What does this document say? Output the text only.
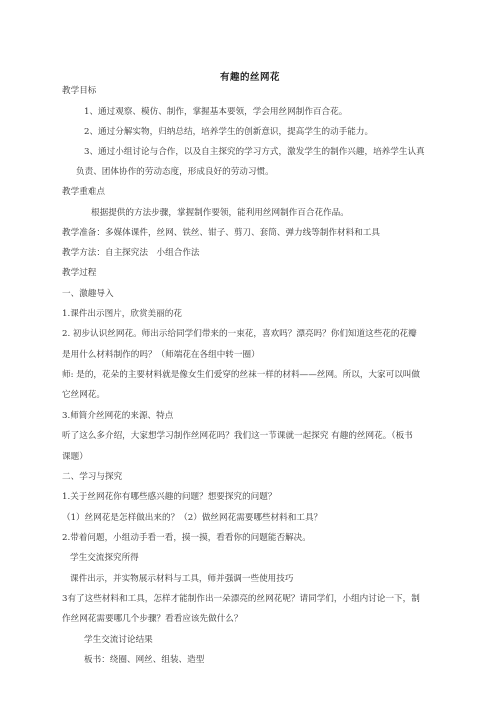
有趣的丝网花
教学目标
1、通过观察、模仿、制作，掌握基本要领，学会用丝网制作百合花。
2、通过分解实物，归纳总结，培养学生的创新意识，提高学生的动手能力。
3、通过小组讨论与合作，以及自主探究的学习方式，激发学生的制作兴趣，培养学生认真
负责、团体协作的劳动态度，形成良好的劳动习惯。
教学重难点
根据提供的方法步骤，掌握制作要领，能利用丝网制作百合花作品。
教学准备：多媒体课件，丝网、铁丝、钳子、剪刀、套筒、弹力线等制作材料和工具
教学方法：自主探究法　小组合作法
教学过程
一、激趣导入
1.课件出示图片，欣赏美丽的花
2. 初步认识丝网花。师出示给同学们带来的一束花，喜欢吗？漂亮吗？你们知道这些花的花瓣
是用什么材料制作的吗？（师端花在各组中转一圈）
师: 是的，花朵的主要材料就是像女生们爱穿的丝袜一样的材料——丝网。所以，大家可以叫做
它丝网花。
3.师简介丝网花的来源、特点
听了这么多介绍，大家想学习制作丝网花吗？我们这一节课就一起探究 有趣的丝网花。（板书
课题）
二、学习与探究
1.关于丝网花你有哪些感兴趣的问题？想要探究的问题？
（1）丝网花是怎样做出来的？（2）做丝网花需要哪些材料和工具？
2.带着问题，小组动手看一看，摸一摸，看看你的问题能否解决。
学生交流探究所得
课件出示，并实物展示材料与工具，师并强调一些使用技巧
3有了这些材料和工具，怎样才能制作出一朵漂亮的丝网花呢？请同学们，小组内讨论一下，制
作丝网花需要哪几个步骤？看看应该先做什么？
学生交流讨论结果
板书：绕圈、网丝、组装、造型
